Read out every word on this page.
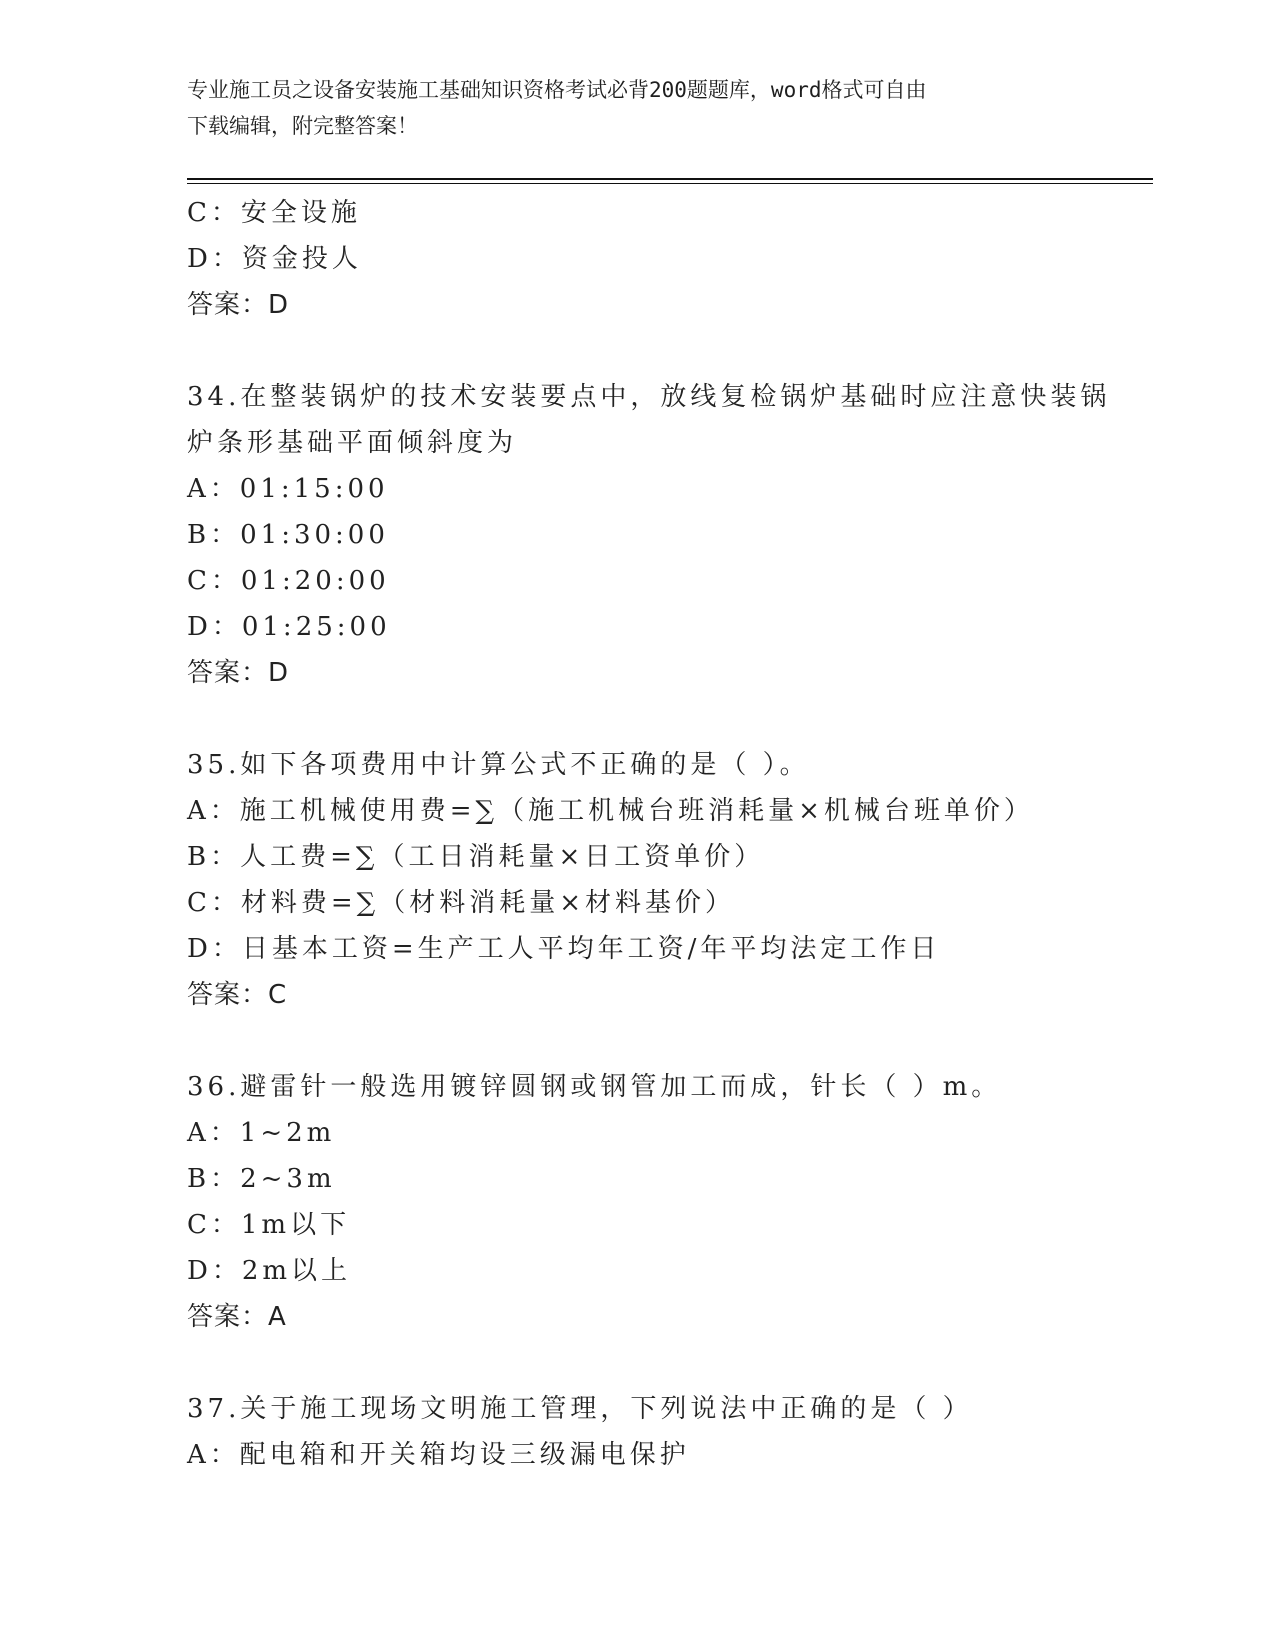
专业施工员之设备安装施工基础知识资格考试必背200题题库，word格式可自由
下载编辑，附完整答案！
C：安全设施
D：资金投人
答案：D
34.在整装锅炉的技术安装要点中，放线复检锅炉基础时应注意快装锅
炉条形基础平面倾斜度为
A：01:15:00
B：01:30:00
C：01:20:00
D：01:25:00
答案：D
35.如下各项费用中计算公式不正确的是（ ）。
A：施工机械使用费=∑（施工机械台班消耗量×机械台班单价）
B：人工费=∑（工日消耗量×日工资单价）
C：材料费=∑（材料消耗量×材料基价）
D：日基本工资=生产工人平均年工资/年平均法定工作日
答案：C
36.避雷针一般选用镀锌圆钢或钢管加工而成，针长（ ）m。
A：1~2m
B：2~3m
C：1m以下
D：2m以上
答案：A
37.关于施工现场文明施工管理，下列说法中正确的是（ ）
A：配电箱和开关箱均设三级漏电保护
